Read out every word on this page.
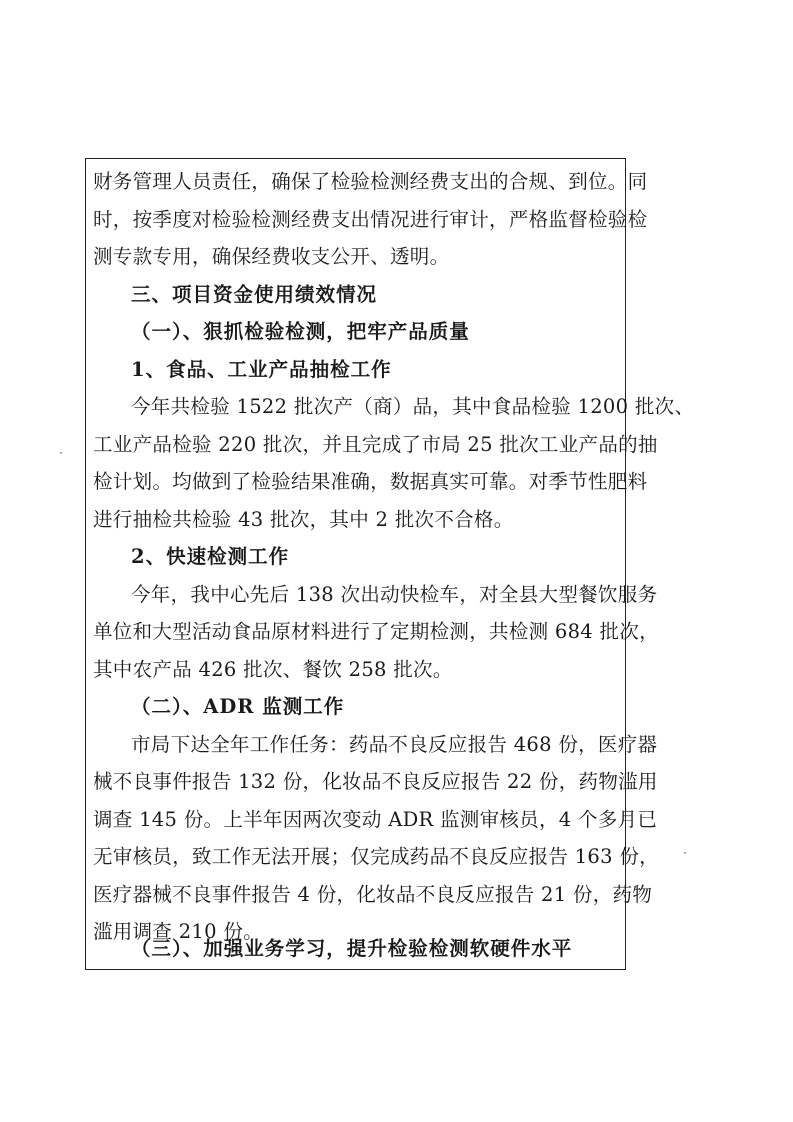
财务管理人员责任，确保了检验检测经费支出的合规、到位。同
时，按季度对检验检测经费支出情况进行审计，严格监督检验检
测专款专用，确保经费收支公开、透明。
三、项目资金使用绩效情况
（一）、狠抓检验检测，把牢产品质量
1、食品、工业产品抽检工作
今年共检验 1522 批次产（商）品，其中食品检验 1200 批次、
工业产品检验 220 批次，并且完成了市局 25 批次工业产品的抽
检计划。均做到了检验结果准确，数据真实可靠。对季节性肥料
进行抽检共检验 43 批次，其中 2 批次不合格。
2、快速检测工作
今年，我中心先后 138 次出动快检车，对全县大型餐饮服务
单位和大型活动食品原材料进行了定期检测，共检测 684 批次，
其中农产品 426 批次、餐饮 258 批次。
（二）、ADR 监测工作
市局下达全年工作任务：药品不良反应报告 468 份，医疗器
械不良事件报告 132 份，化妆品不良反应报告 22 份，药物滥用
调查 145 份。上半年因两次变动 ADR 监测审核员，4 个多月已
无审核员，致工作无法开展；仅完成药品不良反应报告 163 份，
医疗器械不良事件报告 4 份，化妆品不良反应报告 21 份，药物
滥用调查 210 份。
（三）、加强业务学习，提升检验检测软硬件水平
